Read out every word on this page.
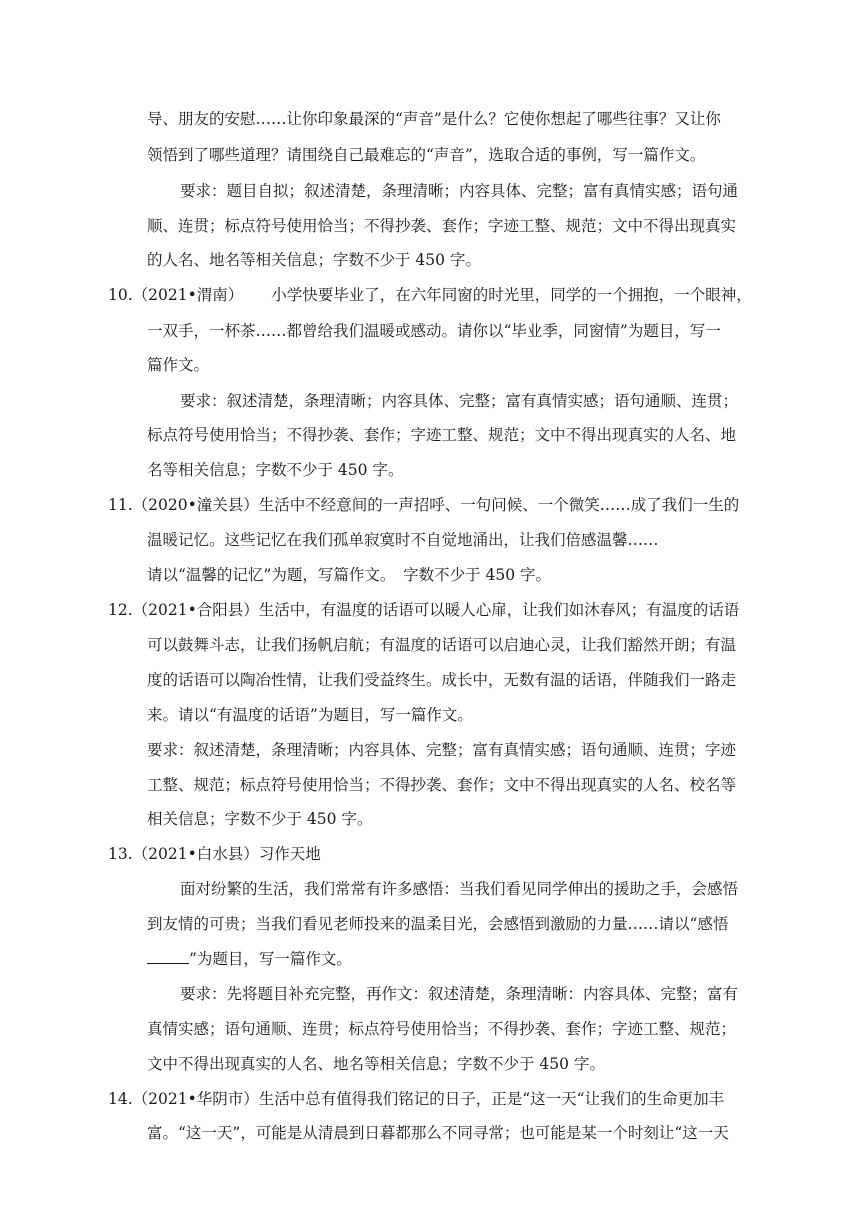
导、朋友的安慰……让你印象最深的“声音”是什么？它使你想起了哪些往事？又让你
领悟到了哪些道理？请围绕自己最难忘的“声音”，选取合适的事例，写一篇作文。
要求：题目自拟；叙述清楚，条理清晰；内容具体、完整；富有真情实感；语句通
顺、连贯；标点符号使用恰当；不得抄袭、套作；字迹工整、规范；文中不得出现真实
的人名、地名等相关信息；字数不少于 450 字。
10.（2021•渭南） 小学快要毕业了，在六年同窗的时光里，同学的一个拥抱，一个眼神，
一双手，一杯茶……都曾给我们温暖或感动。请你以“毕业季，同窗情”为题目，写一
篇作文。
要求：叙述清楚，条理清晰；内容具体、完整；富有真情实感；语句通顺、连贯；
标点符号使用恰当；不得抄袭、套作；字迹工整、规范；文中不得出现真实的人名、地
名等相关信息；字数不少于 450 字。
11.（2020•潼关县）生活中不经意间的一声招呼、一句问候、一个微笑……成了我们一生的
温暖记忆。这些记忆在我们孤单寂寞时不自觉地涌出，让我们倍感温馨……
请以“温馨的记忆”为题，写篇作文。　字数不少于 450 字。
12.（2021•合阳县）生活中，有温度的话语可以暖人心扉，让我们如沐春风；有温度的话语
可以鼓舞斗志，让我们扬帆启航；有温度的话语可以启迪心灵，让我们豁然开朗；有温
度的话语可以陶冶性情，让我们受益终生。成长中，无数有温的话语，伴随我们一路走
来。请以“有温度的话语”为题目，写一篇作文。
要求：叙述清楚，条理清晰；内容具体、完整；富有真情实感；语句通顺、连贯；字迹
工整、规范；标点符号使用恰当；不得抄袭、套作；文中不得出现真实的人名、校名等
相关信息；字数不少于 450 字。
13.（2021•白水县）习作天地
面对纷繁的生活，我们常常有许多感悟：当我们看见同学伸出的援助之手，会感悟
到友情的可贵；当我们看见老师投来的温柔目光，会感悟到激励的力量……请以“感悟
”为题目，写一篇作文。
要求：先将题目补充完整，再作文：叙述清楚，条理清晰：内容具体、完整；富有
真情实感；语句通顺、连贯；标点符号使用恰当；不得抄袭、套作；字迹工整、规范；
文中不得出现真实的人名、地名等相关信息；字数不少于 450 字。
14.（2021•华阴市）生活中总有值得我们铭记的日子，正是“这一天“让我们的生命更加丰
富。“这一天”，可能是从清晨到日暮都那么不同寻常；也可能是某一个时刻让“这一天
